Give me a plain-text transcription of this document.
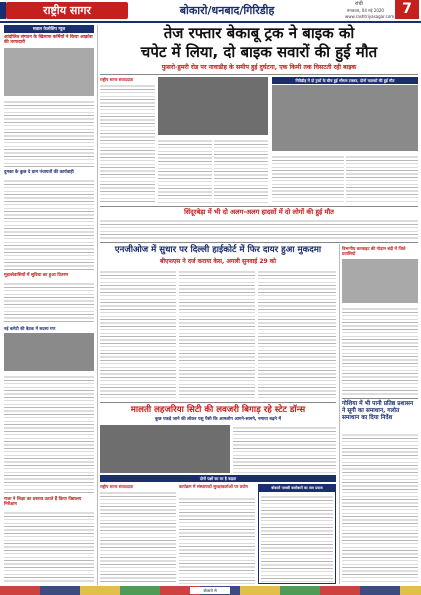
राष्ट्रीय सागर	बोकारो/धनबाद/गिरिडीह	रांची
मंगलवार, 04 मई 2020
www.rashtriyasagar.com 7
सवाल फेलोशिप न्यूज
आंदोलित संगठन के खिलाफ कर्मियों ने किया आक्रोश की तरफदारी
दुमका के कुछ दे ग्राम पंचायतों की कार्यवाही
मुहल्लेवासियों में सुविधा का हुआ वितरण
नई कमेटी की बैठक में सदस्य गण
राजा ने शिक्षा का प्रस्ताव उठाते हैं किया विद्यालय निरीक्षण
तेज रफ्तार बेकाबू ट्रक ने बाइक को
चपेट में लिया, दो बाइक सवारों की हुई मौत
फुसरो-डुमरी रोड पर नावाडीह के समीप हुई दुर्घटना, एक किमी तक घिसटती रही बाइक
राष्ट्रीय सागर संवाददाता	गिरिडीह में दो ट्रकों के बीच हुई भीषण टक्कर, दोनों चालकों की हुई मौत
सिंदूरबेड़ा में भी दो अलग-अलग हादसों में दो लोगों की हुई मौत
एनजीओज में सुधार पर दिल्ली हाईकोर्ट में फिर दायर हुआ मुकदमा
बीएफएस ने दर्ज कराया केस, अगली सुनवाई 29 को
विभागीय करवाहट की गोदाम बंदी में जिले प्रवासियों
गोशिया में भी पानी प्रतिष्ठ प्रशासन ने सूगी का समाधान, गलोत समाधान का दिया निर्देश
मालती लहजरिया सिटी की लवजरी बिगाड़ रहे स्टेट डॉन्स
कुछ पकड़े जाने की लोकर पशु पैसी कि आमलोग आगने-सामने, नमाया बढ़ने में
दोनों पक्षों का घर है कहता
राष्ट्रीय सागर संवाददाता	कार्यक्रम में संस्थापकों सुरक्षाकर्ताओं पर प्रयोग	बोकारो पावसी कारोबारों का जल प्रयास
बोकारो से
